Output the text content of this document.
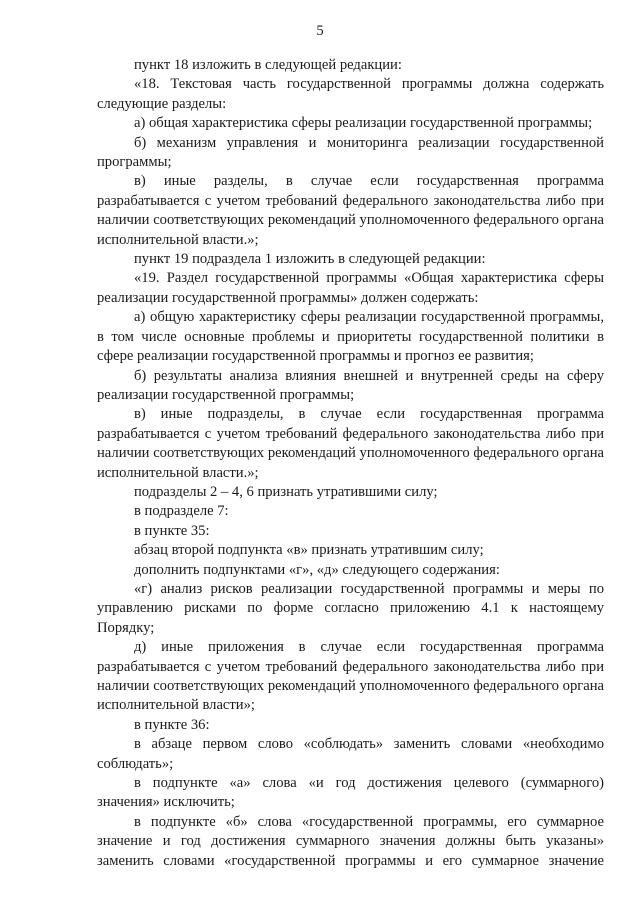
5

пункт 18 изложить в следующей редакции:

«18. Текстовая часть государственной программы должна содержать следующие разделы:

а) общая характеристика сферы реализации государственной программы;

б) механизм управления и мониторинга реализации государственной программы;

в) иные разделы, в случае если государственная программа разрабатывается с учетом требований федерального законодательства либо при наличии соответствующих рекомендаций уполномоченного федерального органа исполнительной власти.»;

пункт 19 подраздела 1 изложить в следующей редакции:

«19. Раздел государственной программы «Общая характеристика сферы реализации государственной программы» должен содержать:

а) общую характеристику сферы реализации государственной программы, в том числе основные проблемы и приоритеты государственной политики в сфере реализации государственной программы и прогноз ее развития;

б) результаты анализа влияния внешней и внутренней среды на сферу реализации государственной программы;

в) иные подразделы, в случае если государственная программа разрабатывается с учетом требований федерального законодательства либо при наличии соответствующих рекомендаций уполномоченного федерального органа исполнительной власти.»;

подразделы 2 – 4, 6 признать утратившими силу;

в подразделе 7:

в пункте 35:

абзац второй подпункта «в» признать утратившим силу;

дополнить подпунктами «г», «д» следующего содержания:

«г) анализ рисков реализации государственной программы и меры по управлению рисками по форме согласно приложению 4.1 к настоящему Порядку;

д) иные приложения в случае если государственная программа разрабатывается с учетом требований федерального законодательства либо при наличии соответствующих рекомендаций уполномоченного федерального органа исполнительной власти»;

в пункте 36:

в абзаце первом слово «соблюдать» заменить словами «необходимо соблюдать»;

в подпункте «а» слова «и год достижения целевого (суммарного) значения» исключить;

в подпункте «б» слова «государственной программы, его суммарное значение и год достижения суммарного значения должны быть указаны» заменить словами «государственной программы и его суммарное значение
